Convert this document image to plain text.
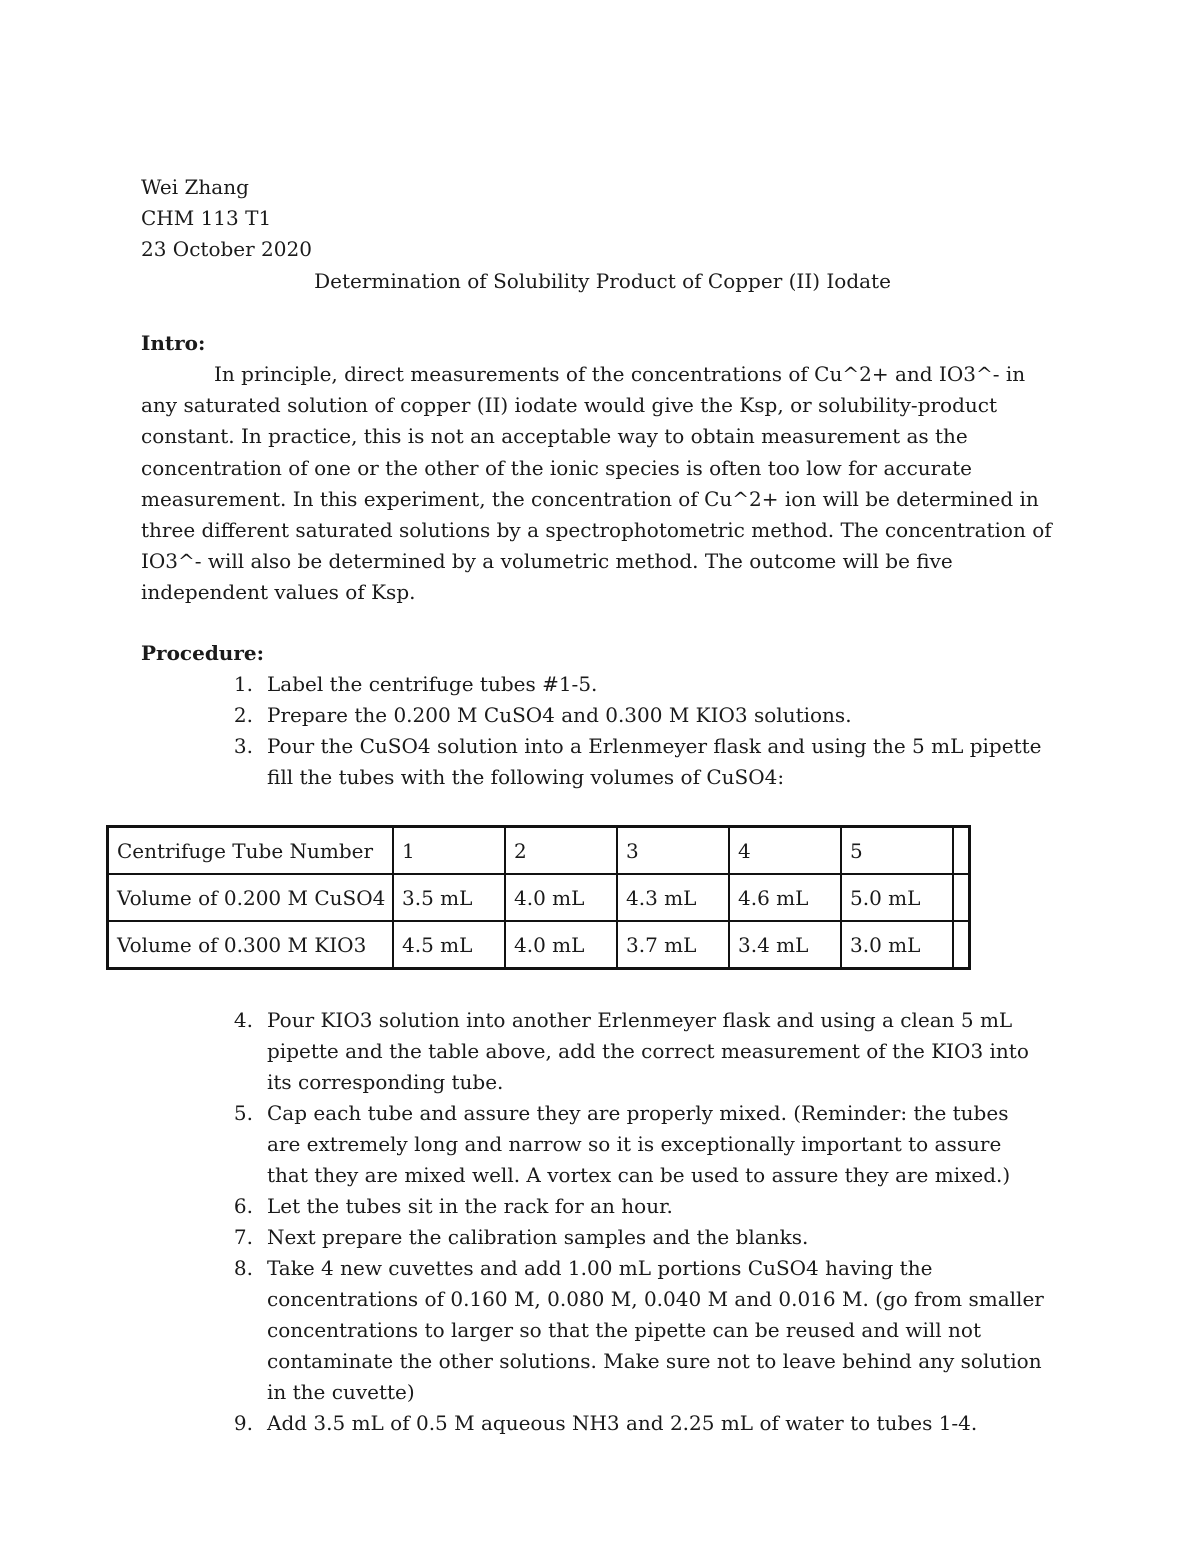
Wei Zhang
CHM 113 T1
23 October 2020
Determination of Solubility Product of Copper (II) Iodate
Intro:

In principle, direct measurements of the concentrations of Cu^2+ and IO3^- in any saturated solution of copper (II) iodate would give the Ksp, or solubility-product constant. In practice, this is not an acceptable way to obtain measurement as the concentration of one or the other of the ionic species is often too low for accurate measurement. In this experiment, the concentration of Cu^2+ ion will be determined in three different saturated solutions by a spectrophotometric method. The concentration of IO3^- will also be determined by a volumetric method. The outcome will be five independent values of Ksp.

Procedure:
1. Label the centrifuge tubes #1-5.
2. Prepare the 0.200 M CuSO4 and 0.300 M KIO3 solutions.
3. Pour the CuSO4 solution into a Erlenmeyer flask and using the 5 mL pipette fill the tubes with the following volumes of CuSO4:
Centrifuge Tube Number	1	2	3	4	5	
Volume of 0.200 M CuSO4	3.5 mL	4.0 mL	4.3 mL	4.6 mL	5.0 mL	
Volume of 0.300 M KIO3	4.5 mL	4.0 mL	3.7 mL	3.4 mL	3.0 mL	
4. Pour KIO3 solution into another Erlenmeyer flask and using a clean 5 mL pipette and the table above, add the correct measurement of the KIO3 into its corresponding tube.
5. Cap each tube and assure they are properly mixed. (Reminder: the tubes are extremely long and narrow so it is exceptionally important to assure that they are mixed well. A vortex can be used to assure they are mixed.)
6. Let the tubes sit in the rack for an hour.
7. Next prepare the calibration samples and the blanks.
8. Take 4 new cuvettes and add 1.00 mL portions CuSO4 having the concentrations of 0.160 M, 0.080 M, 0.040 M and 0.016 M. (go from smaller concentrations to larger so that the pipette can be reused and will not contaminate the other solutions. Make sure not to leave behind any solution in the cuvette)
9. Add 3.5 mL of 0.5 M aqueous NH3 and 2.25 mL of water to tubes 1-4.
